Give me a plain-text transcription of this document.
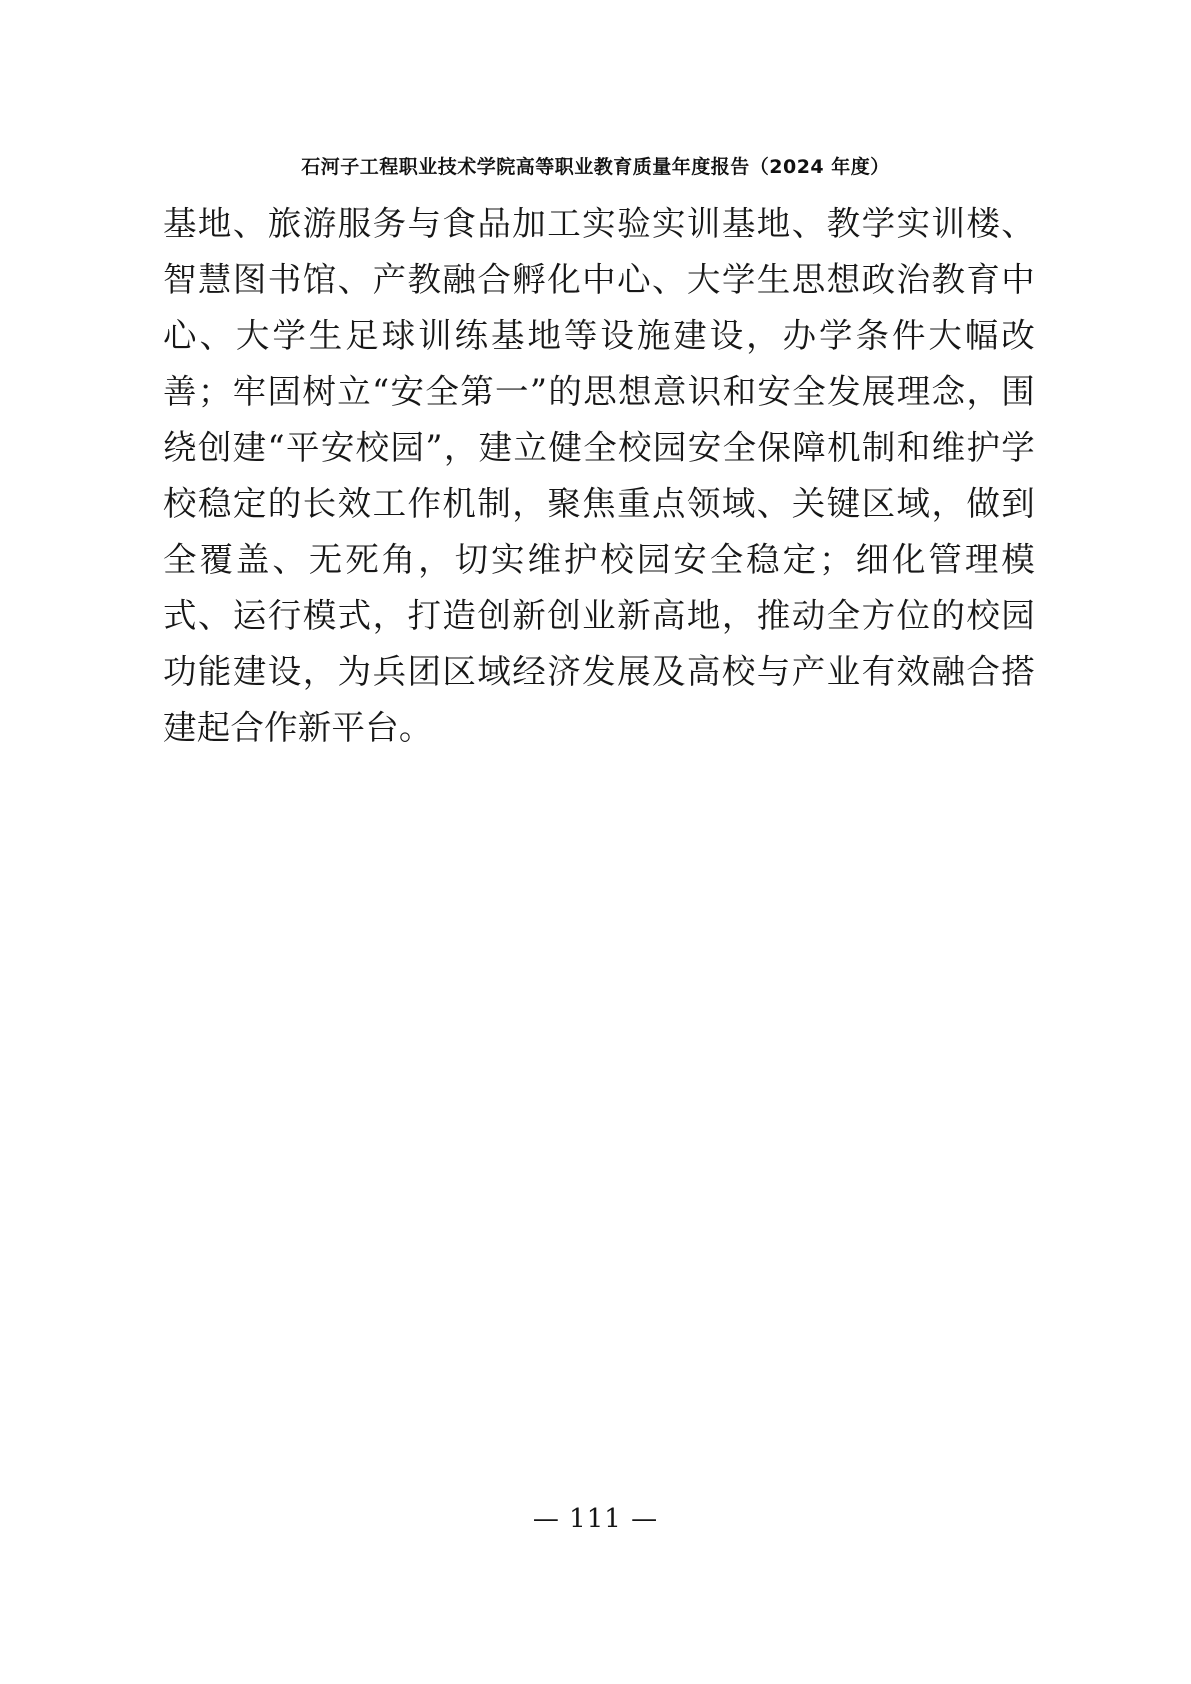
石河子工程职业技术学院高等职业教育质量年度报告（2024 年度）

基地、旅游服务与食品加工实验实训基地、教学实训楼、智慧图书馆、产教融合孵化中心、大学生思想政治教育中心、大学生足球训练基地等设施建设，办学条件大幅改善；牢固树立“安全第一”的思想意识和安全发展理念，围绕创建“平安校园”，建立健全校园安全保障机制和维护学校稳定的长效工作机制，聚焦重点领域、关键区域，做到全覆盖、无死角，切实维护校园安全稳定；细化管理模式、运行模式，打造创新创业新高地，推动全方位的校园功能建设，为兵团区域经济发展及高校与产业有效融合搭建起合作新平台。

— 111 —
